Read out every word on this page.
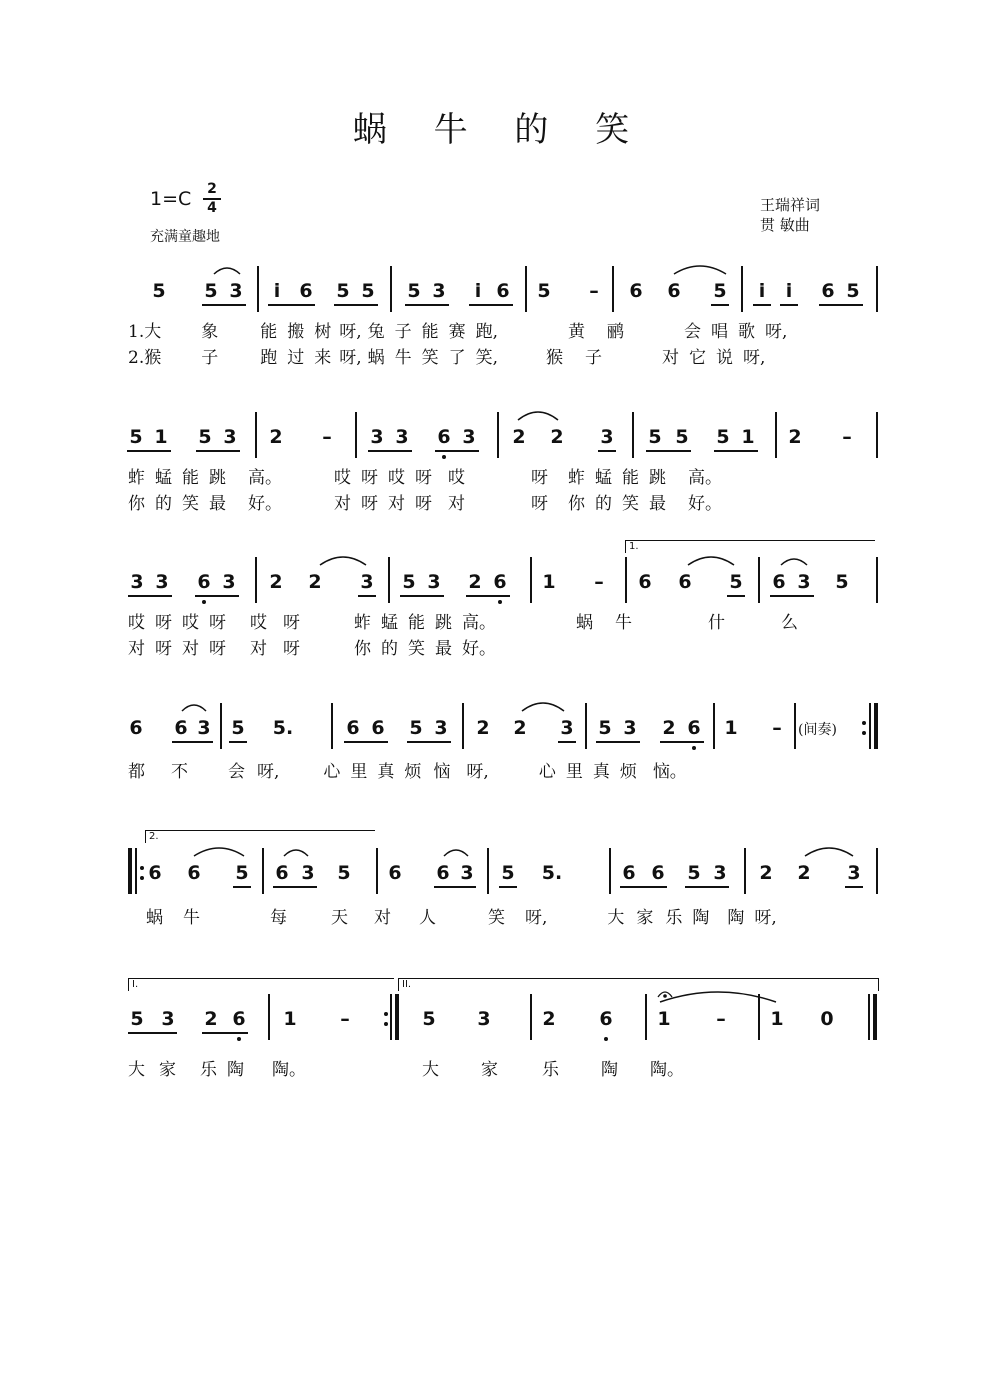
蜗 牛 的 笑
1=C 2
4
充满童趣地
王瑞祥词
贯 敏曲
5 5 3	i	6 5 5 5 3	i 6 5 – 6 6 5	i	i	6 5
1.大 象 能 搬 树 呀, 兔 子 能 赛 跑,	黄 鹂	会 唱 歌 呀,
2.猴 子 跑 过 来 呀, 蜗 牛 笑 了 笑,	猴 子	对 它 说 呀,
5 1 5 3 2 – 3 3 6 3 2 2 3 5 5 5 1 2 –
蚱 蜢 能 跳 高。	哎 呀 哎 呀 哎	呀 蚱 蜢 能 跳 高。
你 的 笑 最 好。	对 呀 对 呀 对	呀 你 的 笑 最 好。
1.
3 3 6 3 2 2 3 5 3 2 6 1 – 6 6 5 6 3 5
哎 呀 哎 呀 哎 呀	蚱 蜢 能 跳 高。	蜗 牛	什	么
对 呀 对 呀 对 呀	你 的 笑 最 好。
6 6 3 5 5.	6 6 5 3 2 2 3 5 3 2 6 1 –	(间奏)
都 不 会 呀,	心 里 真 烦 恼 呀,	心 里 真 烦 恼。
2.
6 6 5 6 3 5 6 6 3 5 5.	6 6 5 3 2 2 3
蜗 牛	每	天 对 人	笑 呀,	大 家 乐 陶 陶 呀,
I.	II.
5 3 2 6 1 –	5 3	2 6 1 – 1 0
大 家 乐 陶 陶。	大 家	乐 陶 陶。
